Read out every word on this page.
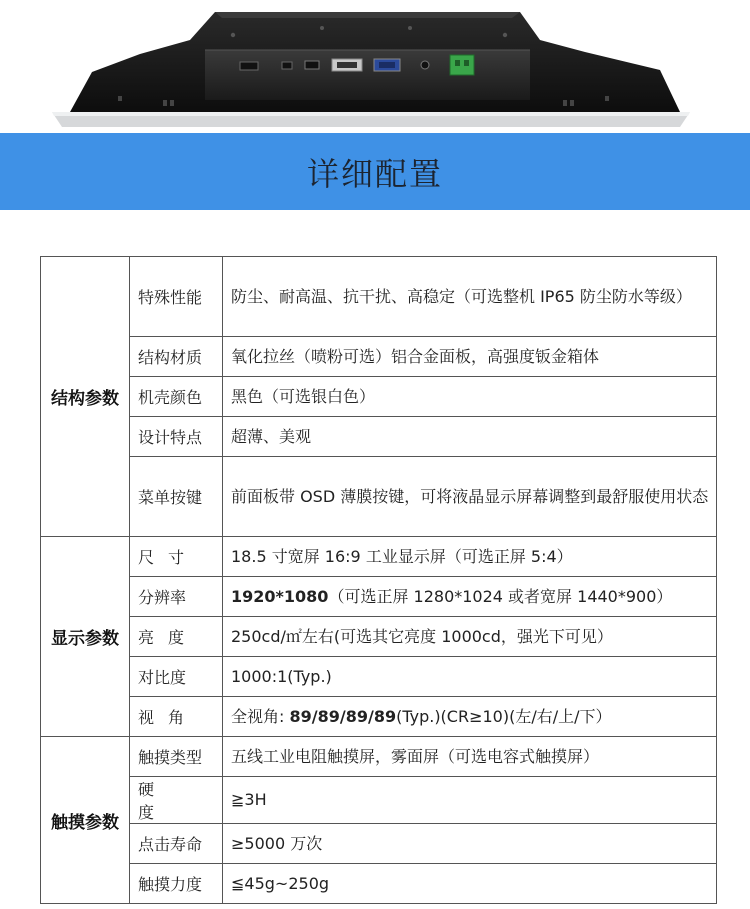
详细配置
结构参数	特殊性能	防尘、耐高温、抗干扰、高稳定（可选整机 IP65 防尘防水等级）
	结构材质	氧化拉丝（喷粉可选）铝合金面板，高强度钣金箱体
	机壳颜色	黑色（可选银白色）
	设计特点	超薄、美观
	菜单按键	前面板带 OSD 薄膜按键，可将液晶显示屏幕调整到最舒服使用状态
显示参数	尺寸	18.5 寸宽屏 16:9 工业显示屏（可选正屏 5:4）
	分辨率	1920*1080（可选正屏 1280*1024 或者宽屏 1440*900）
	亮度	250cd/㎡左右(可选其它亮度 1000cd，强光下可见）
	对比度	1000:1(Typ.)
	视角	全视角: 89/89/89/89(Typ.)(CR≥10)(左/右/上/下）
触摸参数	触摸类型	五线工业电阻触摸屏，雾面屏（可选电容式触摸屏）
	硬度	≧3H
	点击寿命	≥5000 万次
	触摸力度	≦45g~250g
